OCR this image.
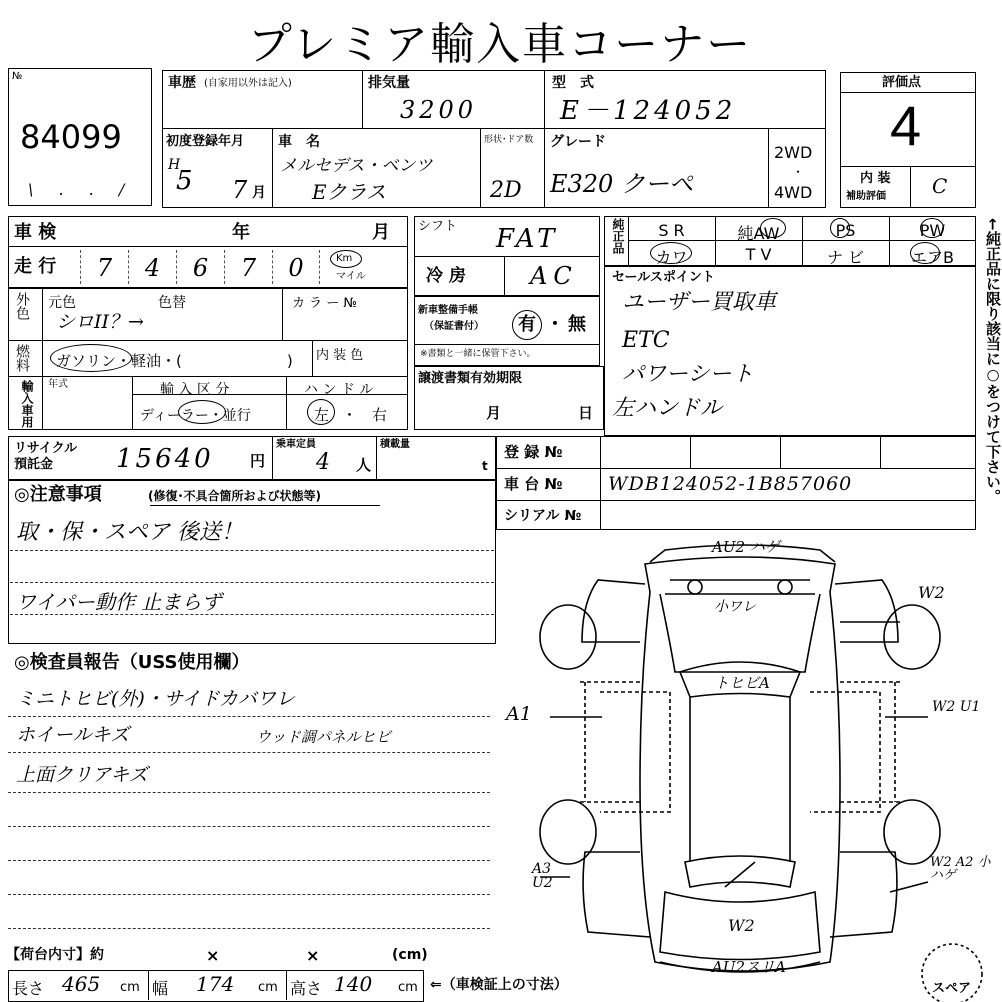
プレミア輸入車コーナー
№
84099
\ . . /
車歴 (自家用以外は記入)	排気量
3200
型　式
E－124052
初度登録年月
H
5 7 月
車　名
メルセデス・ベンツ
Eクラス
形状･ドア数
2D
グレード
E320 クーペ
2WD
・
4WD
評価点
4
内 装
補助評価 C
車 検	年	月
走 行	7	4	6	7	0	Km
マイル
シフト FAT
冷 房	AC
純正品	S R	純AW	PS	PW
カワ	T V	ナ ビ	エアB
セールスポイント
ユーザー買取車
ETC
パワーシート
左ハンドル
外色 元色	色替
シロII？→
カ ラ ー №
燃料 ガソリン・軽油・(　　　　　　　) 内 装 色
輸入車用 年式	輸 入 区 分
ディーラー・並行
ハ ン ド ル
左 ・ 右
新車整備手帳
（保証書付） 有 ・ 無
※書類と一緒に保管下さい。
譲渡書類有効期限
月	日
リサイクル
預託金 15640 円
乗車定員
4 人
積載量
t
登 録 №
車 台 № WDB124052-1B857060
シリアル №
◎注意事項	(修復･不具合箇所および状態等)
取・保・スペア 後送！
ワイパー動作 止まらず
◎検査員報告（USS使用欄）
ミニトヒビ(外)・サイドカバワレ
ホイールキズ	ウッド調パネルヒビ
上面クリアキズ
【荷台内寸】約	×	×	(cm)
長さ 465 cm 幅 174 cm 高さ 140 cm ⇐（車検証上の寸法）
←純正品に限り該当に○をつけて下さい。
AU2 ハゲ
小ワレ
トヒビA
A1
W2
W2 U1
A3 U2
W2
W2 A2 小ハゲ
AU2スリA
スペア
